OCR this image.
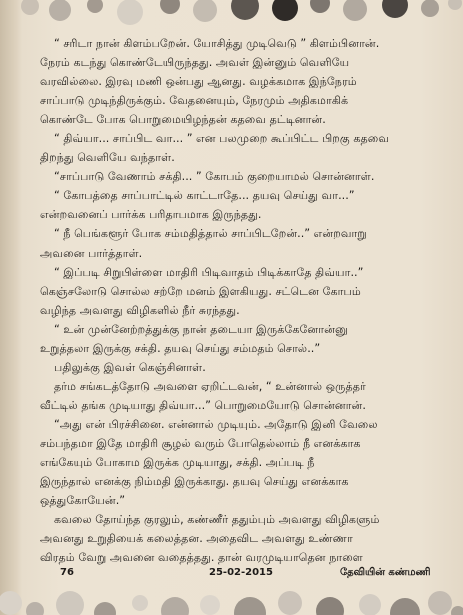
“ சரிடா நான் கிளம்பறேன். யோசித்து முடிவெடு ” கிளம்பினான்.

நேரம் கடந்து கொண்டேயிருந்தது. அவள் இன்னும் வெளியே

வரவில்லை. இரவு மணி ஒன்பது ஆனது. வழக்கமாக இந்நேரம்

சாப்பாடு முடிந்திருக்கும். வேதனையும், நேரமும் அதிகமாகிக்

கொண்டே போக பொறுமையிழந்தன் கதவை தட்டினான்.

“ திவ்யா... சாப்பிட வா... ” என பலமுறை கூப்பிட்ட பிறகு கதவை

திறந்து வெளியே வந்தாள்.

“சாப்பாடு வேணாம் சக்தி... ” கோபம் குறையாமல் சொன்னாள்.

“ கோபத்தை சாப்பாட்டில் காட்டாதே... தயவு செய்து வா...”

என்றவனைப் பார்க்க பரிதாபமாக இருந்தது.

“ நீ பெங்களூர் போக சம்மதித்தால் சாப்பிடறேன்..” என்றவாறு

அவனை பார்த்தாள்.

“ இப்படி சிறுபிள்ளை மாதிரி பிடிவாதம் பிடிக்காதே திவ்யா..”

கெஞ்சலோடு சொல்ல சற்றே மனம் இளகியது. சட்டென கோபம்

வழிந்த அவளது விழிகளில் நீர் சுரந்தது.

“ உன் முன்னேற்றத்துக்கு நான் தடையா இருக்கேனோன்னு

உறுத்தலா இருக்கு சக்தி. தயவு செய்து சம்மதம் சொல்..”

பதிலுக்கு இவள் கெஞ்சினாள்.

தர்ம சங்கடத்தோடு அவளை ஏறிட்டவன், “ உன்னால் ஒருத்தர்

வீட்டில் தங்க முடியாது திவ்யா...” பொறுமையோடு சொன்னான்.

“அது என் பிரச்சினை. என்னால் முடியும். அதோடு இனி வேலை

சம்பந்தமா இதே மாதிரி சூழல் வரும் போதெல்லாம் நீ எனக்காக

எங்கேயும் போகாம இருக்க முடியாது, சக்தி. அப்படி நீ

இருந்தால் எனக்கு நிம்மதி இருக்காது. தயவு செய்து எனக்காக

ஒத்துகோயேன்.”

கவலை தோய்ந்த குரலும், கண்ணீர் ததும்பும் அவளது விழிகளும்

அவனது உறுதியைக் கலைத்தன. அதைவிட அவளது உண்ணா

விரதம் வேறு அவனை வதைத்தது. தான் வரமுடியாதென நாளை

76	25-02-2015	தேவியின் கண்மணி
